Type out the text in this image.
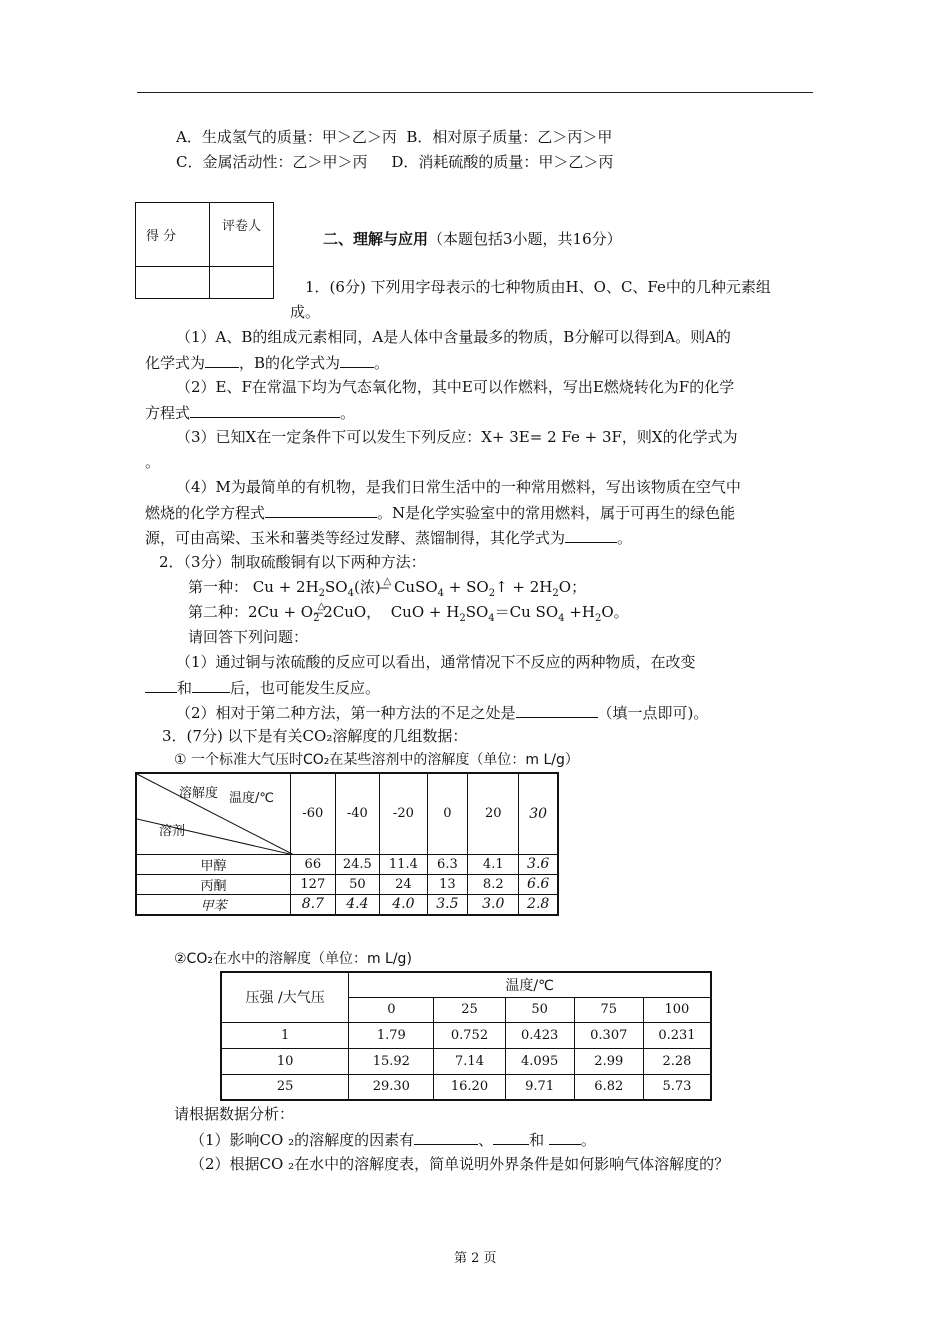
A．生成氢气的质量：甲＞乙＞丙 B．相对原子质量：乙＞丙＞甲
C．金属活动性：乙＞甲＞丙 D．消耗硫酸的质量：甲＞乙＞丙
得 分	评卷人

二、理解与应用（本题包括3小题，共16分）
1．(6分) 下列用字母表示的七种物质由H、O、C、Fe中的几种元素组
成。
（1）A、B的组成元素相同，A是人体中含量最多的物质，B分解可以得到A。则A的
化学式为 ，B的化学式为 。
（2）E、F在常温下均为气态氧化物，其中E可以作燃料，写出E燃烧转化为F的化学
方程式	。
（3）已知X在一定条件下可以发生下列反应：X+ 3E= 2 Fe + 3F，则X的化学式为
。
（4）M为最简单的有机物，是我们日常生活中的一种常用燃料，写出该物质在空气中
燃烧的化学方程式	。N是化学实验室中的常用燃料，属于可再生的绿色能
源，可由高梁、玉米和薯类等经过发酵、蒸馏制得，其化学式为	。
2．（3分）制取硫酸铜有以下两种方法：
第一种： $Cu + 2H_2SO_4$(浓) △̶̶ CuSO$_4$ + $SO_2↑ + 2H_2O$；
第二种：$2Cu + O_2^\triangle̶2CuO$，  CuO + $H_2SO_4=Cu$ $SO_4 +H_2O$。
请回答下列问题：
（1）通过铜与浓硫酸的反应可以看出，通常情况下不反应的两种物质，在改变
和	后，也可能发生反应。
（2）相对于第二种方法，第一种方法的不足之处是	（填一点即可)。
3．(7分) 以下是有关CO₂溶解度的几组数据：
① 一个标准大气压时CO₂在某些溶剂中的溶解度（单位：m L/g）
溶解度 温度/℃
溶剂	-60	-40	-20	0	20	30
甲醇	66	24.5	11.4	6.3	4.1	3.6
丙酮	127	50	24	13	8.2	6.6
甲苯	8.7	4.4	4.0	3.5	3.0	2.8
②CO₂在水中的溶解度（单位：m L/g)
压强 /大气压	温度/℃				
	0	25	50	75	100
1	1.79	0.752	0.423	0.307	0.231
10	15.92	7.14	4.095	2.99	2.28
25	29.30	16.20	9.71	6.82	5.73
请根据数据分析：
（1）影响CO ₂的溶解度的因素有	、 和 。
（2）根据CO ₂在水中的溶解度表，简单说明外界条件是如何影响气体溶解度的？
第 2 页
